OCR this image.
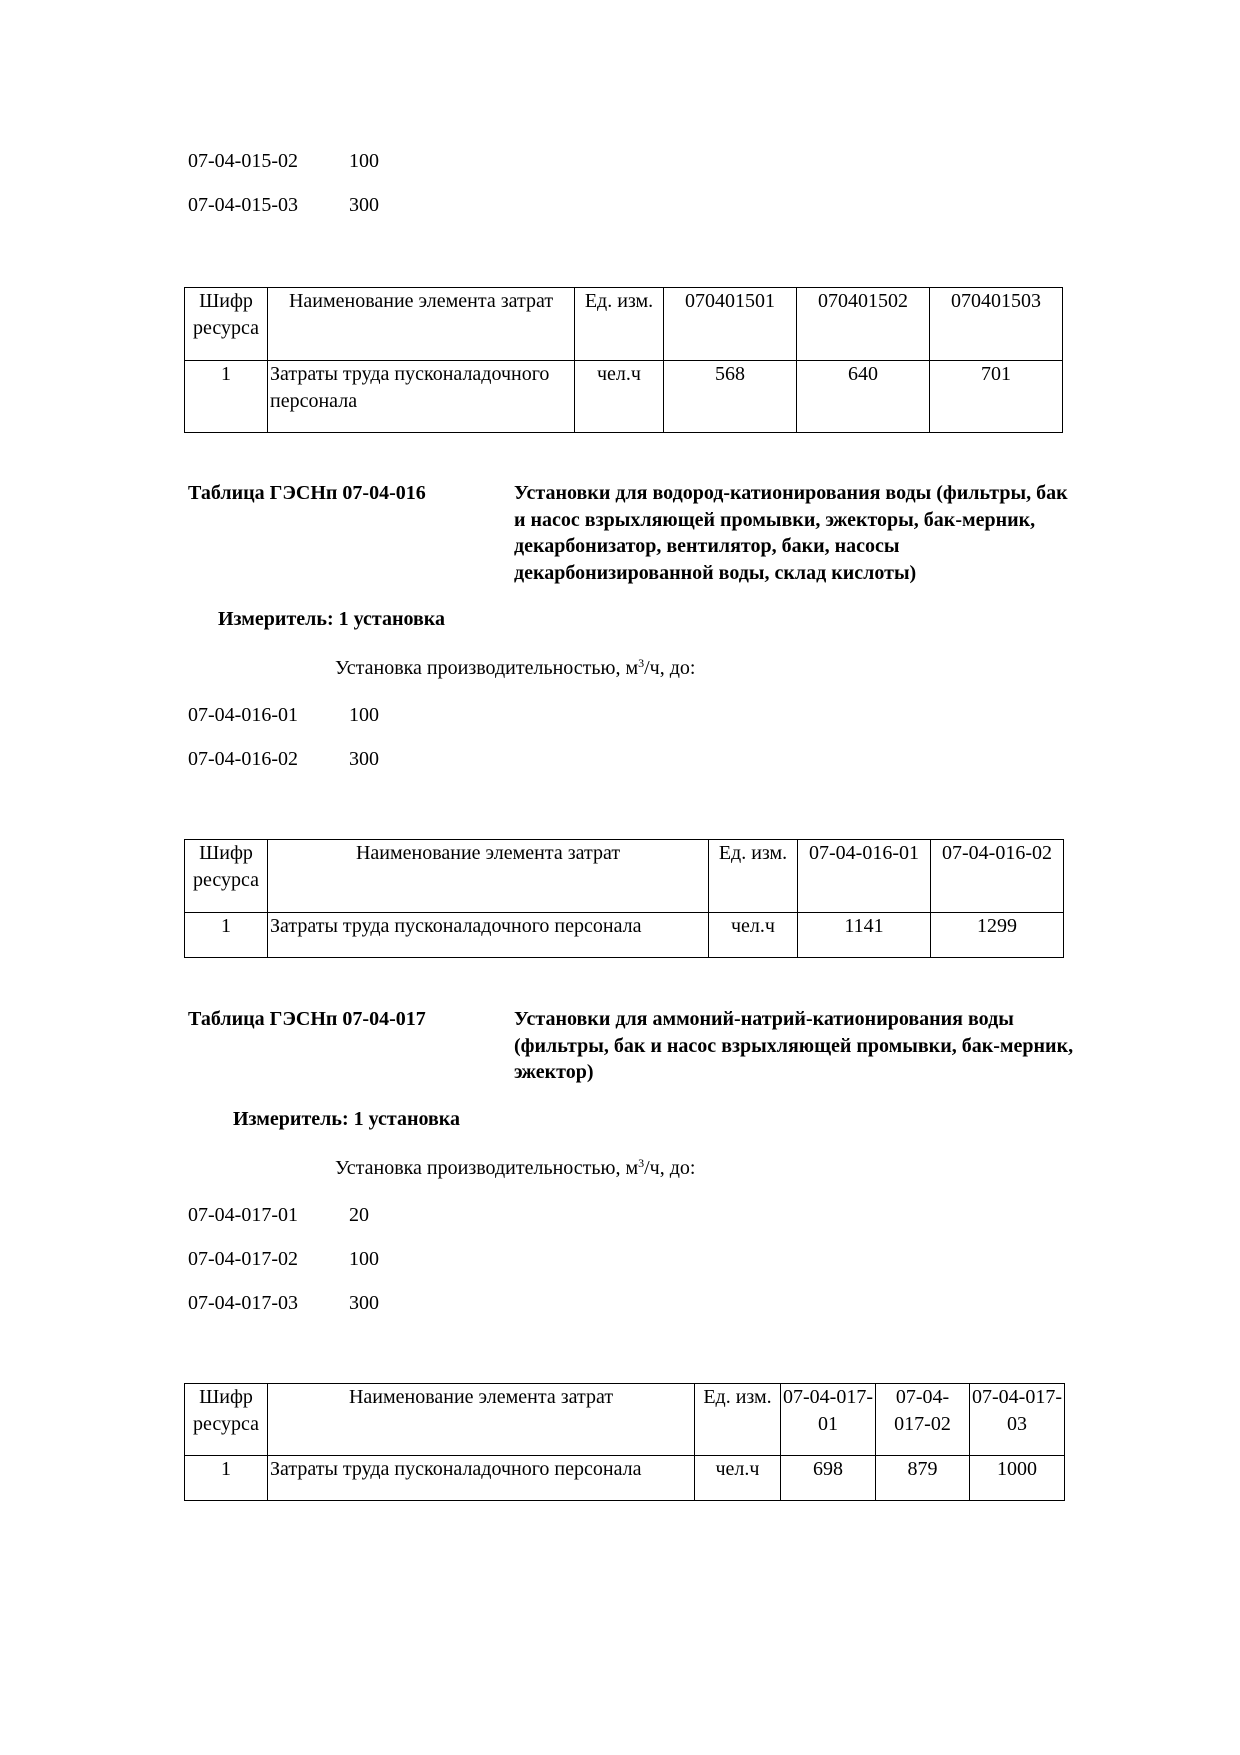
07-04-015-02	100
07-04-015-03	300
Шифр ресурса	Наименование элемента затрат	Ед. изм.	070401501	070401502	070401503
1	Затраты труда пусконаладочного персонала	чел.ч	568	640	701
Таблица ГЭСНп 07-04-016	Установки для водород-катионирования воды (фильтры, бак и насос взрыхляющей промывки, эжекторы, бак-мерник, декарбонизатор, вентилятор, баки, насосы декарбонизированной воды, склад кислоты)
Измеритель: 1 установка
Установка производительностью, $м^3/ч$, до:
07-04-016-01	100
07-04-016-02	300
Шифр ресурса	Наименование элемента затрат	Ед. изм.	07-04-016-01	07-04-016-02
1	Затраты труда пусконаладочного персонала	чел.ч	1141	1299
Таблица ГЭСНп 07-04-017	Установки для аммоний-натрий-катионирования воды (фильтры, бак и насос взрыхляющей промывки, бак-мерник, эжектор)
Измеритель: 1 установка
Установка производительностью, $м^3/ч$, до:
07-04-017-01	20
07-04-017-02	100
07-04-017-03	300
Шифр ресурса	Наименование элемента затрат	Ед. изм.	07-04-017-01	07-04-017-02	07-04-017-03
1	Затраты труда пусконаладочного персонала	чел.ч	698	879	1000
